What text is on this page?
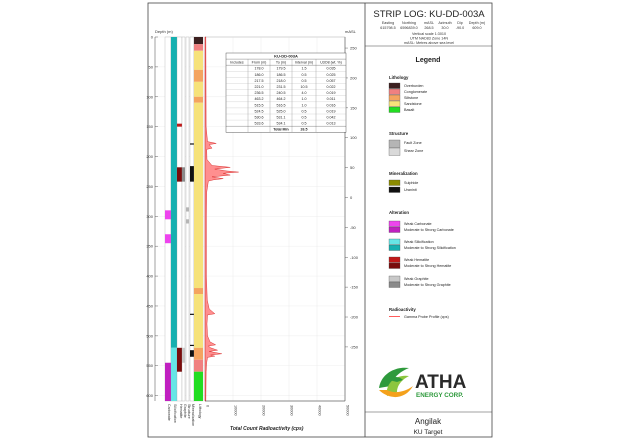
STRIP LOG: KU-DD-003A
Easting
615798.5
Northing
6596839.0
mASL
268.5
Azimuth
30.0
Dip
-90.0
Depth (m)
609.0
Vertical scale 1:3010
UTM NAD83 Zone 14N
mASL: Metres above sea level
Depth (m)
0
50
100
150
200
250
300
350
400
450
500
550
600
mASL
250
200
150
100
50
0
-50
-100
-150
-200
-250
0	10000	20000	30000	40000	50000
KU-DD-003A
Includes From (m)	To (m) Interval (m) U3O8 (wt. %)
178.0	179.5	1.5	0.035
186.0	186.5	0.5	0.025
217.5	218.0	0.5	0.057
221.0	231.5	10.5	0.022
236.5	240.5	4.0	0.019
463.2	464.2	1.0	0.011
515.5	516.5	1.0	0.016
524.5	525.0	0.5	0.019
530.6	531.1	0.5	0.042
533.6	534.1	0.5	0.013
Total Min	26.5
Carbonate Silicification Hematite Graphite Structure Mineralization Lithology
Total Count Radioactivity (cps)
Legend
Lithology
Overburden
Conglomerate
Siltstone
Sandstone
Basalt
Structure
Fault Zone
Shear Zone
Mineralization
Sulphide
Uraninit
Alteration
Weak Carbonate
Moderate to Strong Carbonate
Weak Silicification
Moderate to Strong Silicification
Weak Hematite
Moderate to Strong Hematite
Weak Graphite
Moderate to Strong Graphite
Radioactivity
Gamma Probe Profile (cps)
ATHA
ENERGY CORP.
Angilak
KU Target
